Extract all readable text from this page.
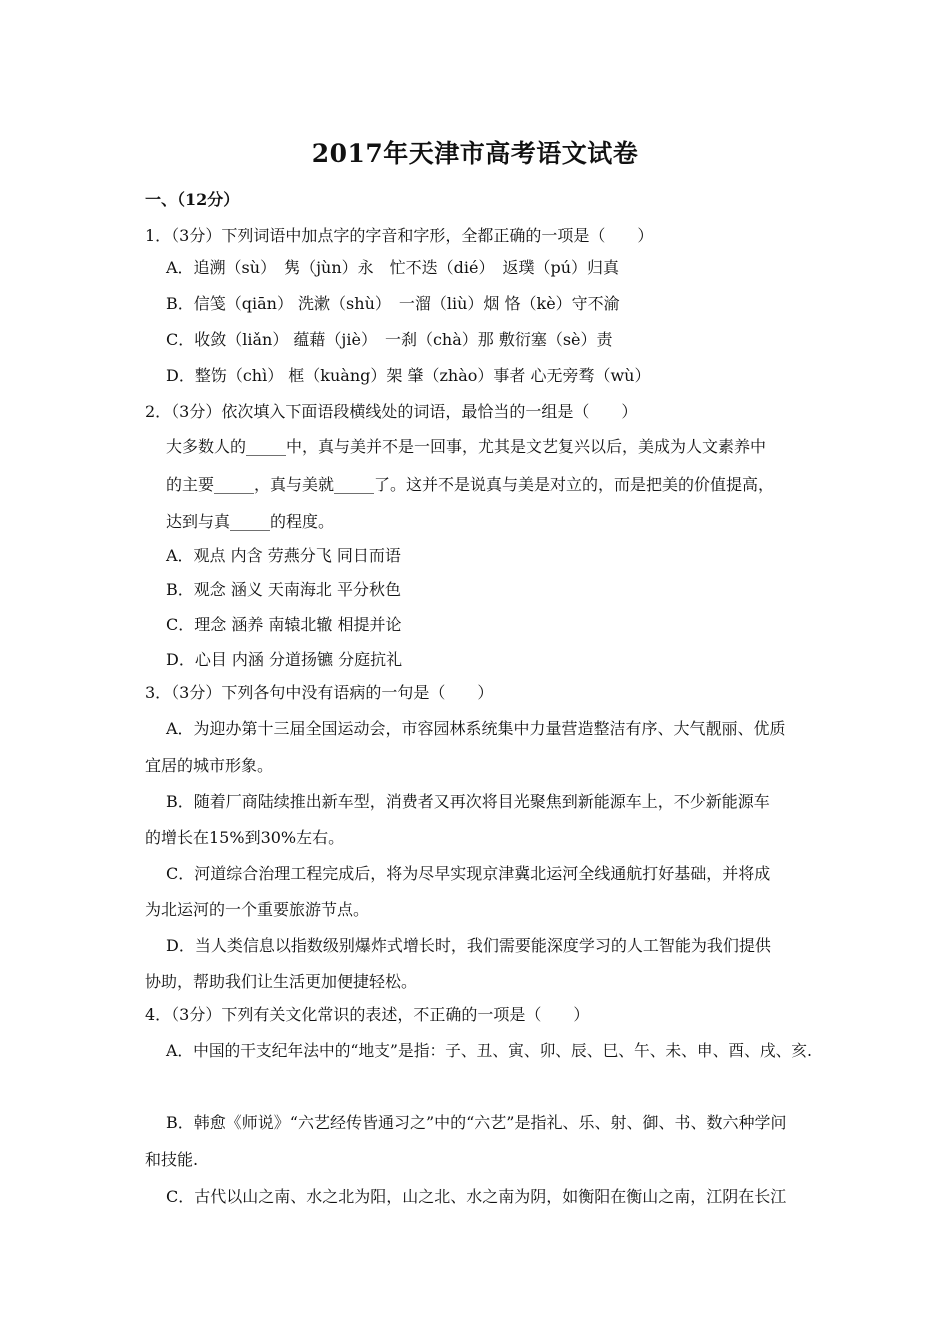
2017年天津市高考语文试卷
一、（12分）
1．（3分）下列词语中加点字的字音和字形，全都正确的一项是（　　）
A．追溯（sù）　隽（jùn）永　忙不迭（dié）　返璞（pú）归真
B．信笺（qiān） 洗漱（shù）　一溜（liù）烟 恪（kè）守不渝
C．收敛（liǎn） 蕴藉（jiè）　一刹（chà）那 敷衍塞（sè）责
D．整饬（chì） 框（kuàng）架 肇（zhào）事者 心无旁骛（wù）
2．（3分）依次填入下面语段横线处的词语，最恰当的一组是（　　）
大多数人的_____中，真与美并不是一回事，尤其是文艺复兴以后，美成为人文素养中
的主要_____，真与美就_____了。这并不是说真与美是对立的，而是把美的价值提高，
达到与真_____的程度。
A．观点 内含 劳燕分飞 同日而语
B．观念 涵义 天南海北 平分秋色
C．理念 涵养 南辕北辙 相提并论
D．心目 内涵 分道扬镳 分庭抗礼
3．（3分）下列各句中没有语病的一句是（　　）
A．为迎办第十三届全国运动会，市容园林系统集中力量营造整洁有序、大气靓丽、优质
宜居的城市形象。
B．随着厂商陆续推出新车型，消费者又再次将目光聚焦到新能源车上，不少新能源车
的增长在15%到30%左右。
C．河道综合治理工程完成后，将为尽早实现京津冀北运河全线通航打好基础，并将成
为北运河的一个重要旅游节点。
D．当人类信息以指数级别爆炸式增长时，我们需要能深度学习的人工智能为我们提供
协助，帮助我们让生活更加便捷轻松。
4．（3分）下列有关文化常识的表述，不正确的一项是（　　）
A．中国的干支纪年法中的“地支”是指：子、丑、寅、卯、辰、巳、午、未、申、酉、戌、亥.
B．韩愈《师说》“六艺经传皆通习之”中的“六艺”是指礼、乐、射、御、书、数六种学问
和技能.
C．古代以山之南、水之北为阳，山之北、水之南为阴，如衡阳在衡山之南，江阴在长江
